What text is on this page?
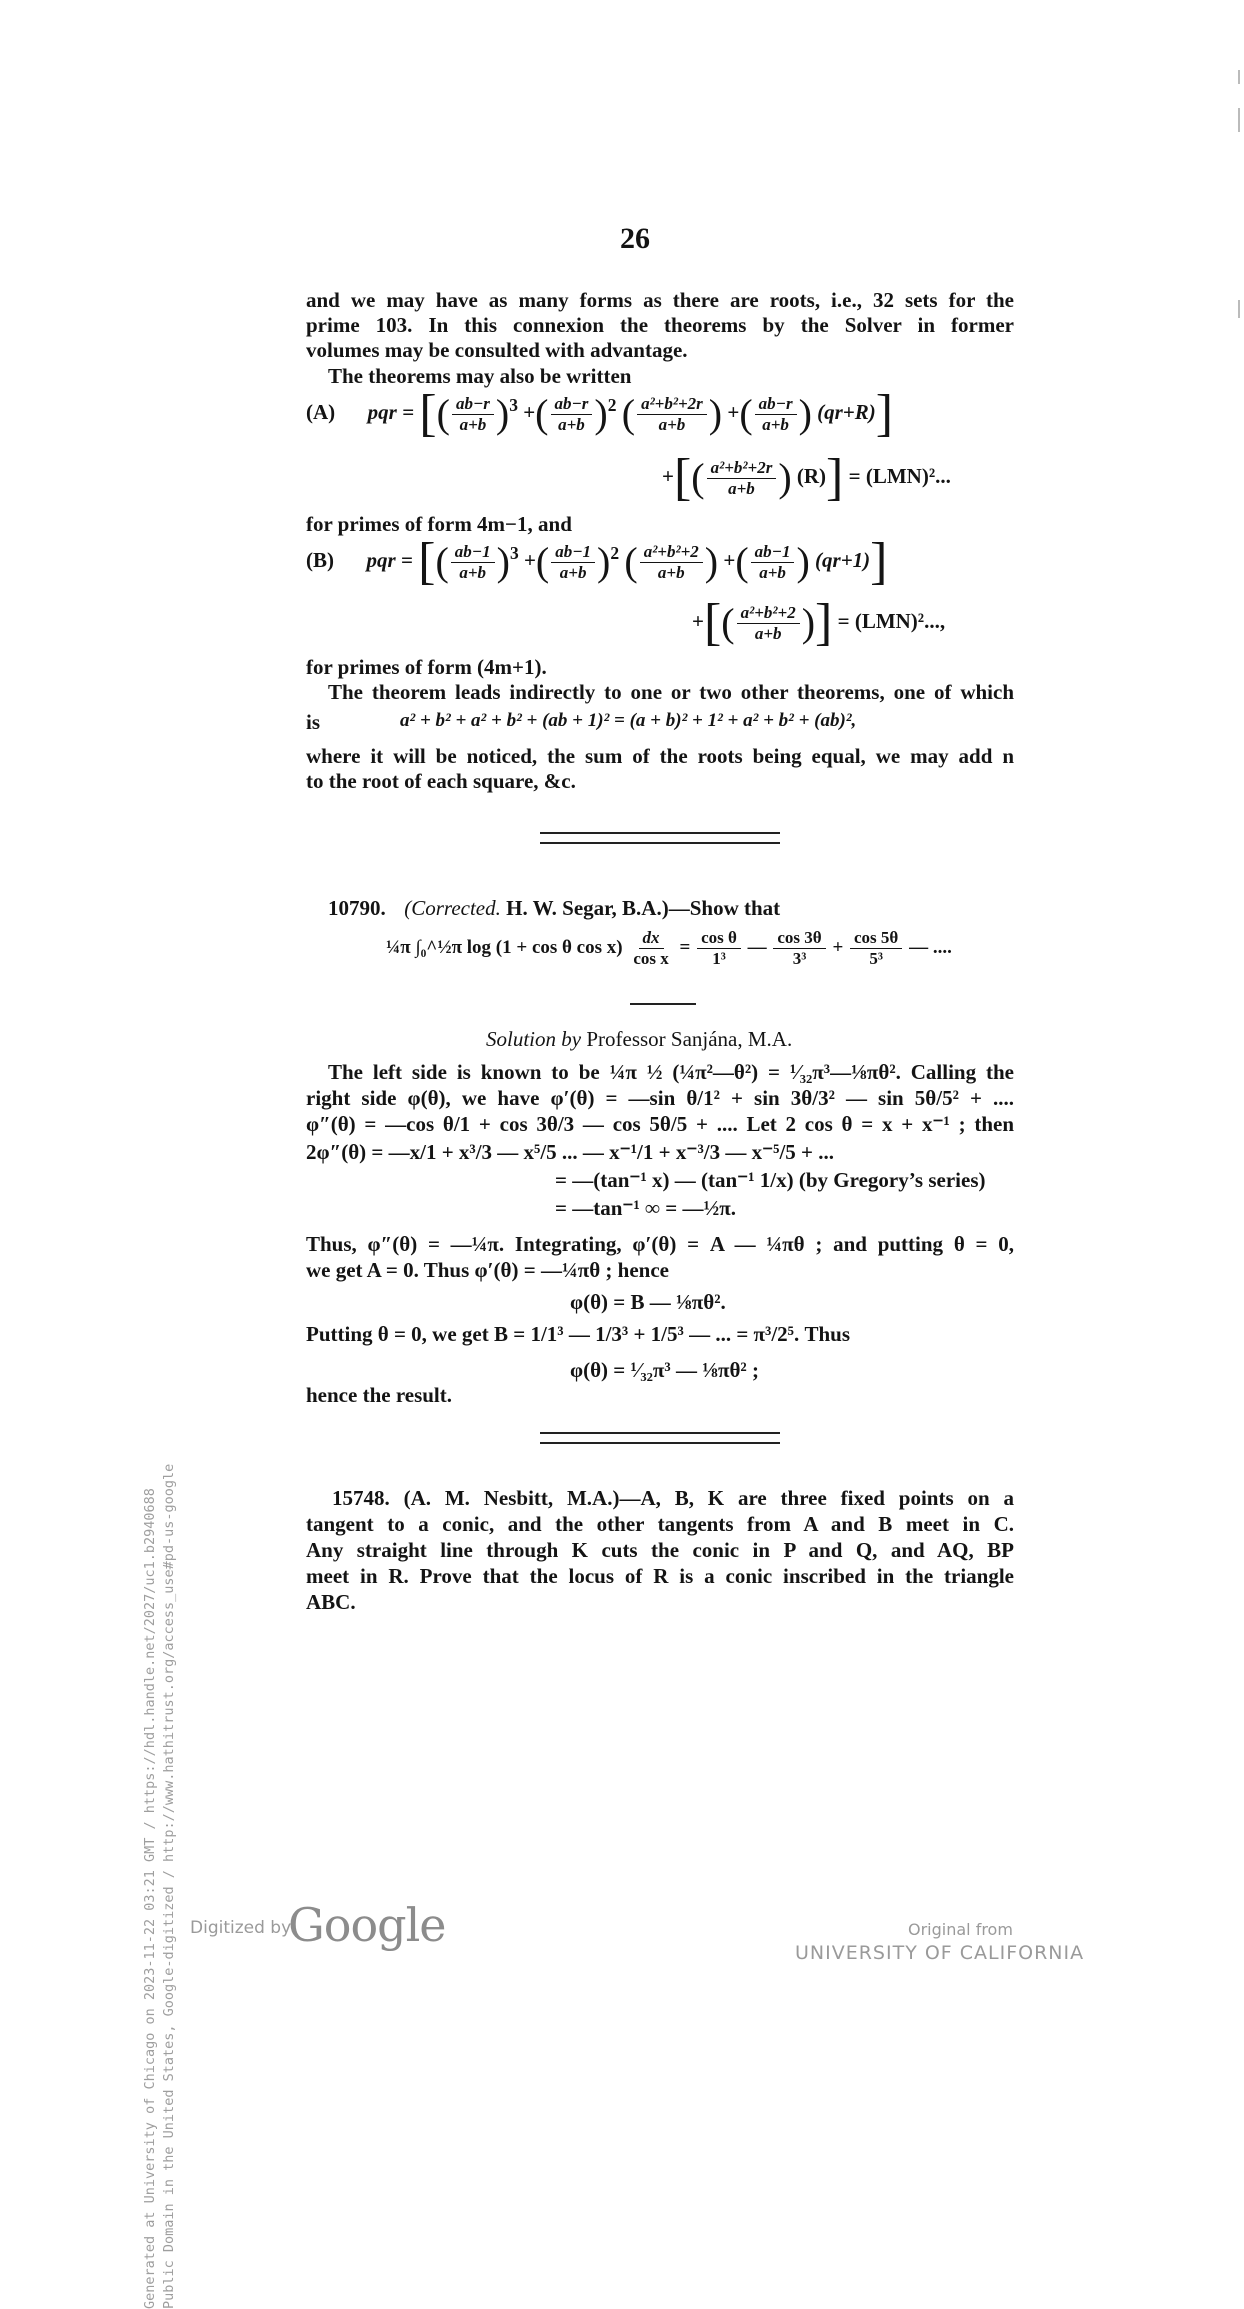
26
and we may have as many forms as there are roots, i.e., 32 sets for the
prime 103. In this connexion the theorems by the Solver in former
volumes may be consulted with advantage.
The theorems may also be written
(A) pqr = [( $\frac{ab-r}{a+b} )^3$ +( $\frac{ab-r}{a+b} )^2$ ( $\frac{\text{a²+b²+2r}}{a+b}$ ) +( $\frac{ab-r}{a+b}$ ) (qr+R)]
+[( $\frac{\text{a²+b²+2r}}{a+b}$ ) (R)] = (LMN)²...
for primes of form 4m−1, and
(B) pqr = [( $\frac{ab-1}{a+b} )^3$ +( $\frac{ab-1}{a+b} )^2$ ( $\frac{\text{a²+b²+2}}{a+b}$ ) +( $\frac{ab-1}{a+b}$ ) (qr+1)]
+[( $\frac{\text{a²+b²+2}}{a+b}$ )] = (LMN)²...,
for primes of form (4m+1).
The theorem leads indirectly to one or two other theorems, one of which
is	a² + b² + a² + b² + (ab + 1)² = (a + b)² + 1² + a² + b² + (ab)²,
where it will be noticed, the sum of the roots being equal, we may add n
to the root of each square, &c.
10790. (Corrected. H. W. Segar, B.A.)—Show that
¼π ∫₀^½π log (1 + cos θ $\cos x) \frac{dx}{\text{cos x}} = \frac{\text{cos θ}}{\text{1³}}$ — $\frac{\cos 3\theta}{\text{3³}} + \frac{\cos 5\theta}{\text{5³}}$ — ....
Solution by Professor Sanjána, M.A.
The left side is known to be ¼π ½ (¼π²—θ²) = ¹⁄₃₂π³—⅛πθ². Calling the
right side φ(θ), we have φ′(θ) = —sin θ/1² + sin 3θ/3² — sin 5θ/5² + ....
φ″(θ) = —cos θ/1 + cos 3θ/3 — cos 5θ/5 + .... Let 2 cos θ = x + x⁻¹ ; then
2φ″(θ) = —x/1 + x³/3 — x⁵/5 ... — x⁻¹/1 + x⁻³/3 — x⁻⁵/5 + ...
= —(tan⁻¹ x) — (tan⁻¹ 1/x) (by Gregory’s series)
= —tan⁻¹ ∞ = —½π.
Thus, φ″(θ) = —¼π. Integrating, φ′(θ) = A — ¼πθ ; and putting θ = 0,
we get A = 0. Thus φ′(θ) = —¼πθ ; hence
φ(θ) = B — ⅛πθ².
Putting θ = 0, we get B = 1/1³ — 1/3³ + 1/5³ — ... = π³/2⁵. Thus
φ(θ) = ¹⁄₃₂π³ — ⅛πθ² ;
hence the result.
15748. (A. M. Nesbitt, M.A.)—A, B, K are three fixed points on a
tangent to a conic, and the other tangents from A and B meet in C.
Any straight line through K cuts the conic in P and Q, and AQ, BP
meet in R. Prove that the locus of R is a conic inscribed in the triangle
ABC.
Generated at University of Chicago on 2023-11-22 03:21 GMT / https://hdl.handle.net/2027/uc1.b2940688 Public Domain in the United States, Google-digitized / http://www.hathitrust.org/access_use#pd-us-google Digitized by
Google	Original from
UNIVERSITY OF CALIFORNIA
